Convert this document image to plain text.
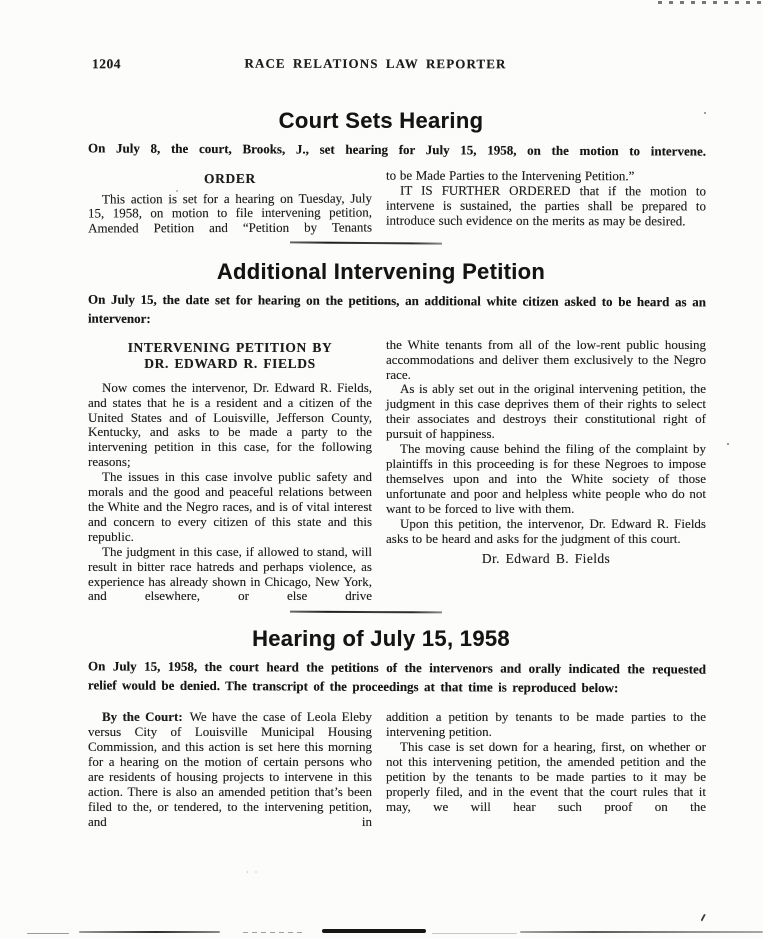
1204	RACE RELATIONS LAW REPORTER
Court Sets Hearing

On July 8, the court, Brooks, J., set hearing for July 15, 1958, on the motion to intervene.

ORDER

This action is set for a hearing on Tuesday, July 15, 1958, on motion to file intervening petition, Amended Petition and “Petition by Tenants

to be Made Parties to the Intervening Petition.”

IT IS FURTHER ORDERED that if the motion to intervene is sustained, the parties shall be prepared to introduce such evidence on the merits as may be desired.

Additional Intervening Petition

On July 15, the date set for hearing on the petitions, an additional white citizen asked to be heard as an intervenor:

INTERVENING PETITION BY
DR. EDWARD R. FIELDS

Now comes the intervenor, Dr. Edward R. Fields, and states that he is a resident and a citizen of the United States and of Louisville, Jefferson County, Kentucky, and asks to be made a party to the intervening petition in this case, for the following reasons;

The issues in this case involve public safety and morals and the good and peaceful relations between the White and the Negro races, and is of vital interest and concern to every citizen of this state and this republic.

The judgment in this case, if allowed to stand, will result in bitter race hatreds and perhaps violence, as experience has already shown in Chicago, New York, and elsewhere, or else drive

the White tenants from all of the low-rent public housing accommodations and deliver them exclusively to the Negro race.

As is ably set out in the original intervening petition, the judgment in this case deprives them of their rights to select their associates and destroys their constitutional right of pursuit of happiness.

The moving cause behind the filing of the complaint by plaintiffs in this proceeding is for these Negroes to impose themselves upon and into the White society of those unfortunate and poor and helpless white people who do not want to be forced to live with them.

Upon this petition, the intervenor, Dr. Edward R. Fields asks to be heard and asks for the judgment of this court.

Dr. Edward B. Fields

Hearing of July 15, 1958

On July 15, 1958, the court heard the petitions of the intervenors and orally indicated the requested relief would be denied. The transcript of the proceedings at that time is reproduced below:

By the Court: We have the case of Leola Eleby versus City of Louisville Municipal Housing Commission, and this action is set here this morning for a hearing on the motion of certain persons who are residents of housing projects to intervene in this action. There is also an amended petition that’s been filed to the, or tendered, to the intervening petition, and in

addition a petition by tenants to be made parties to the intervening petition.

This case is set down for a hearing, first, on whether or not this intervening petition, the amended petition and the petition by the tenants to be made parties to it may be properly filed, and in the event that the court rules that it may, we will hear such proof on the

· ·
